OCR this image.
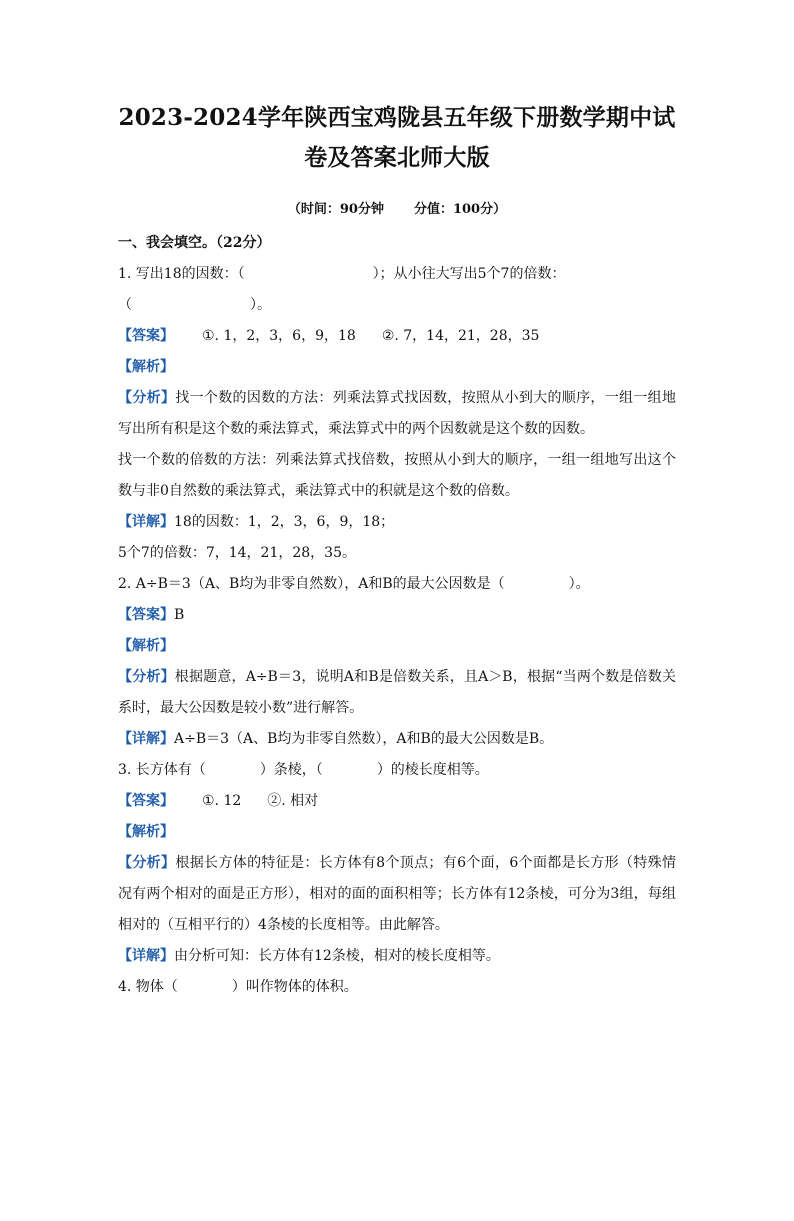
2023-2024学年陕西宝鸡陇县五年级下册数学期中试卷及答案北师大版
（时间：90分钟 分值：100分）
一、我会填空。（22分）
1. 写出18的因数：（	）；从小往大写出5个7的倍数：
（	）。
【答案】 ①. 1，2，3，6，9，18 ②. 7，14，21，28，35
【解析】
【分析】找一个数的因数的方法：列乘法算式找因数，按照从小到大的顺序，一组一组地写出所有积是这个数的乘法算式，乘法算式中的两个因数就是这个数的因数。
找一个数的倍数的方法：列乘法算式找倍数，按照从小到大的顺序，一组一组地写出这个数与非0自然数的乘法算式，乘法算式中的积就是这个数的倍数。
【详解】18的因数：1，2，3，6，9，18；
5个7的倍数：7，14，21，28，35。
2. A÷B＝3（A、B均为非零自然数），A和B的最大公因数是（	）。
【答案】B
【解析】
【分析】根据题意，A÷B＝3，说明A和B是倍数关系，且A＞B，根据“当两个数是倍数关系时，最大公因数是较小数”进行解答。
【详解】A÷B＝3（A、B均为非零自然数），A和B的最大公因数是B。
3. 长方体有（	）条棱，（	）的棱长度相等。
【答案】 ①. 12 ②. 相对
【解析】
【分析】根据长方体的特征是：长方体有8个顶点；有6个面，6个面都是长方形（特殊情况有两个相对的面是正方形），相对的面的面积相等；长方体有12条棱，可分为3组，每组相对的（互相平行的）4条棱的长度相等。由此解答。
【详解】由分析可知：长方体有12条棱，相对的棱长度相等。
4. 物体（	）叫作物体的体积。
